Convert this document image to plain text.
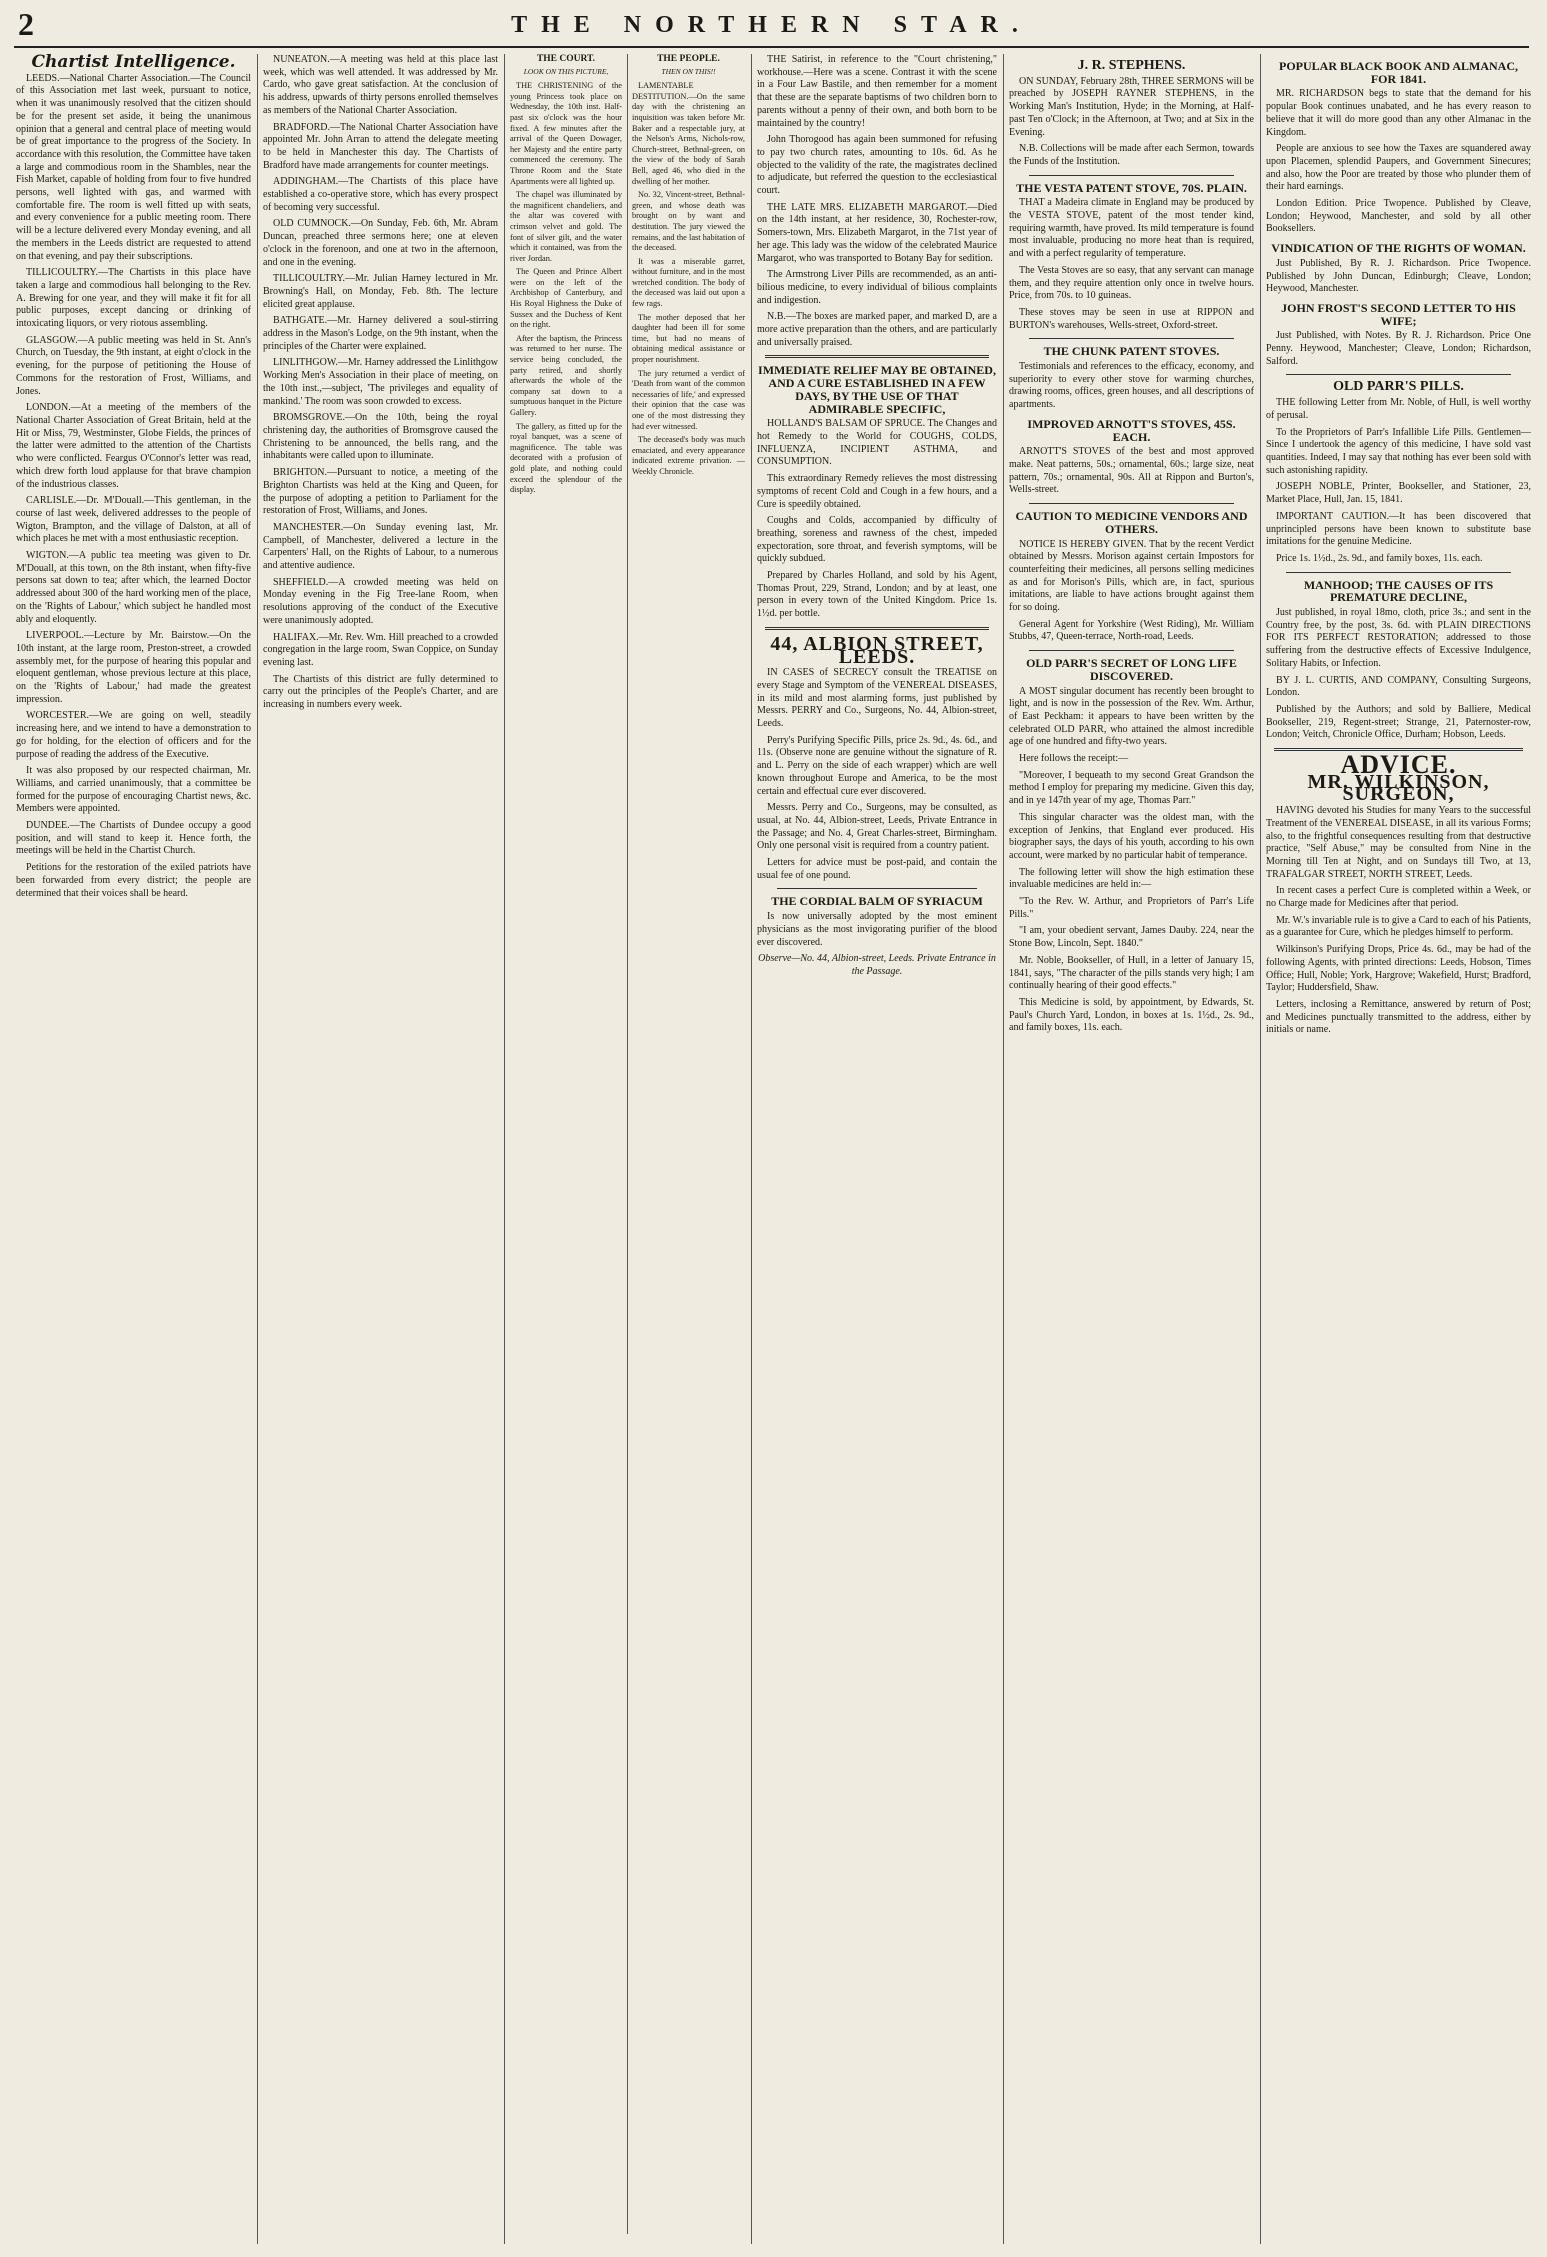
2	THE NORTHERN STAR.
Chartist Intelligence.

LEEDS.—National Charter Association.—The Council of this Association met last week, pursuant to notice, when it was unanimously resolved that the citizen should be for the present set aside, it being the unanimous opinion that a general and central place of meeting would be of great importance to the progress of the Society. In accordance with this resolution, the Committee have taken a large and commodious room in the Shambles, near the Fish Market, capable of holding from four to five hundred persons, well lighted with gas, and warmed with comfortable fire. The room is well fitted up with seats, and every convenience for a public meeting room. There will be a lecture delivered every Monday evening, and all the members in the Leeds district are requested to attend on that evening, and pay their subscriptions.

TILLICOULTRY.—The Chartists in this place have taken a large and commodious hall belonging to the Rev. A. Brewing for one year, and they will make it fit for all public purposes, except dancing or drinking of intoxicating liquors, or very riotous assembling.

GLASGOW.—A public meeting was held in St. Ann's Church, on Tuesday, the 9th instant, at eight o'clock in the evening, for the purpose of petitioning the House of Commons for the restoration of Frost, Williams, and Jones.

LONDON.—At a meeting of the members of the National Charter Association of Great Britain, held at the Hit or Miss, 79, Westminster, Globe Fields, the princes of the latter were admitted to the attention of the Chartists who were conflicted. Feargus O'Connor's letter was read, which drew forth loud applause for that brave champion of the industrious classes.

CARLISLE.—Dr. M'Douall.—This gentleman, in the course of last week, delivered addresses to the people of Wigton, Brampton, and the village of Dalston, at all of which places he met with a most enthusiastic reception.

WIGTON.—A public tea meeting was given to Dr. M'Douall, at this town, on the 8th instant, when fifty-five persons sat down to tea; after which, the learned Doctor addressed about 300 of the hard working men of the place, on the 'Rights of Labour,' which subject he handled most ably and eloquently.

LIVERPOOL.—Lecture by Mr. Bairstow.—On the 10th instant, at the large room, Preston-street, a crowded assembly met, for the purpose of hearing this popular and eloquent gentleman, whose previous lecture at this place, on the 'Rights of Labour,' had made the greatest impression.

WORCESTER.—We are going on well, steadily increasing here, and we intend to have a demonstration to go for holding, for the election of officers and for the purpose of reading the address of the Executive.

It was also proposed by our respected chairman, Mr. Williams, and carried unanimously, that a committee be formed for the purpose of encouraging Chartist news, &c. Members were appointed.

DUNDEE.—The Chartists of Dundee occupy a good position, and will stand to keep it. Hence forth, the meetings will be held in the Chartist Church.

Petitions for the restoration of the exiled patriots have been forwarded from every district; the people are determined that their voices shall be heard.

NUNEATON.—A meeting was held at this place last week, which was well attended. It was addressed by Mr. Cardo, who gave great satisfaction. At the conclusion of his address, upwards of thirty persons enrolled themselves as members of the National Charter Association.

BRADFORD.—The National Charter Association have appointed Mr. John Arran to attend the delegate meeting to be held in Manchester this day. The Chartists of Bradford have made arrangements for counter meetings.

ADDINGHAM.—The Chartists of this place have established a co-operative store, which has every prospect of becoming very successful.

OLD CUMNOCK.—On Sunday, Feb. 6th, Mr. Abram Duncan, preached three sermons here; one at eleven o'clock in the forenoon, and one at two in the afternoon, and one in the evening.

TILLICOULTRY.—Mr. Julian Harney lectured in Mr. Browning's Hall, on Monday, Feb. 8th. The lecture elicited great applause.

BATHGATE.—Mr. Harney delivered a soul-stirring address in the Mason's Lodge, on the 9th instant, when the principles of the Charter were explained.

LINLITHGOW.—Mr. Harney addressed the Linlithgow Working Men's Association in their place of meeting, on the 10th inst.,—subject, 'The privileges and equality of mankind.' The room was soon crowded to excess.

BROMSGROVE.—On the 10th, being the royal christening day, the authorities of Bromsgrove caused the Christening to be announced, the bells rang, and the inhabitants were called upon to illuminate.

BRIGHTON.—Pursuant to notice, a meeting of the Brighton Chartists was held at the King and Queen, for the purpose of adopting a petition to Parliament for the restoration of Frost, Williams, and Jones.

MANCHESTER.—On Sunday evening last, Mr. Campbell, of Manchester, delivered a lecture in the Carpenters' Hall, on the Rights of Labour, to a numerous and attentive audience.

SHEFFIELD.—A crowded meeting was held on Monday evening in the Fig Tree-lane Room, when resolutions approving of the conduct of the Executive were unanimously adopted.

HALIFAX.—Mr. Rev. Wm. Hill preached to a crowded congregation in the large room, Swan Coppice, on Sunday evening last.

The Chartists of this district are fully determined to carry out the principles of the People's Charter, and are increasing in numbers every week.

THE COURT.
LOOK ON THIS PICTURE,

THE CHRISTENING of the young Princess took place on Wednesday, the 10th inst. Half-past six o'clock was the hour fixed. A few minutes after the arrival of the Queen Dowager, her Majesty and the entire party commenced the ceremony. The Throne Room and the State Apartments were all lighted up.

The chapel was illuminated by the magnificent chandeliers, and the altar was covered with crimson velvet and gold. The font of silver gilt, and the water which it contained, was from the river Jordan.

The Queen and Prince Albert were on the left of the Archbishop of Canterbury, and His Royal Highness the Duke of Sussex and the Duchess of Kent on the right.

After the baptism, the Princess was returned to her nurse. The service being concluded, the party retired, and shortly afterwards the whole of the company sat down to a sumptuous banquet in the Picture Gallery.

The gallery, as fitted up for the royal banquet, was a scene of magnificence. The table was decorated with a profusion of gold plate, and nothing could exceed the splendour of the display.

THE PEOPLE.
THEN ON THIS!!

LAMENTABLE DESTITUTION.—On the same day with the christening an inquisition was taken before Mr. Baker and a respectable jury, at the Nelson's Arms, Nichols-row, Church-street, Bethnal-green, on the view of the body of Sarah Bell, aged 46, who died in the dwelling of her mother.

No. 32, Vincent-street, Bethnal-green, and whose death was brought on by want and destitution. The jury viewed the remains, and the last habitation of the deceased.

It was a miserable garret, without furniture, and in the most wretched condition. The body of the deceased was laid out upon a few rags.

The mother deposed that her daughter had been ill for some time, but had no means of obtaining medical assistance or proper nourishment.

The jury returned a verdict of 'Death from want of the common necessaries of life,' and expressed their opinion that the case was one of the most distressing they had ever witnessed.

The deceased's body was much emaciated, and every appearance indicated extreme privation. — Weekly Chronicle.

THE Satirist, in reference to the "Court christening," workhouse.—Here was a scene. Contrast it with the scene in a Four Law Bastile, and then remember for a moment that these are the separate baptisms of two children born to parents without a penny of their own, and both born to be maintained by the country!

John Thorogood has again been summoned for refusing to pay two church rates, amounting to 10s. 6d. As he objected to the validity of the rate, the magistrates declined to adjudicate, but referred the question to the ecclesiastical court.

THE LATE MRS. ELIZABETH MARGAROT.—Died on the 14th instant, at her residence, 30, Rochester-row, Somers-town, Mrs. Elizabeth Margarot, in the 71st year of her age. This lady was the widow of the celebrated Maurice Margarot, who was transported to Botany Bay for sedition.

The Armstrong Liver Pills are recommended, as an anti-bilious medicine, to every individual of bilious complaints and indigestion.

N.B.—The boxes are marked paper, and marked D, are a more active preparation than the others, and are particularly and universally praised.

IMMEDIATE RELIEF MAY BE OBTAINED, AND A CURE ESTABLISHED IN A FEW DAYS, BY THE USE OF THAT ADMIRABLE SPECIFIC,

HOLLAND'S BALSAM OF SPRUCE. The Changes and hot Remedy to the World for COUGHS, COLDS, INFLUENZA, INCIPIENT ASTHMA, and CONSUMPTION.

This extraordinary Remedy relieves the most distressing symptoms of recent Cold and Cough in a few hours, and a Cure is speedily obtained.

Coughs and Colds, accompanied by difficulty of breathing, soreness and rawness of the chest, impeded expectoration, sore throat, and feverish symptoms, will be quickly subdued.

Prepared by Charles Holland, and sold by his Agent, Thomas Prout, 229, Strand, London; and by at least, one person in every town of the United Kingdom. Price 1s. 1½d. per bottle.

44, ALBION STREET, LEEDS.

IN CASES of SECRECY consult the TREATISE on every Stage and Symptom of the VENEREAL DISEASES, in its mild and most alarming forms, just published by Messrs. PERRY and Co., Surgeons, No. 44, Albion-street, Leeds.

Perry's Purifying Specific Pills, price 2s. 9d., 4s. 6d., and 11s. (Observe none are genuine without the signature of R. and L. Perry on the side of each wrapper) which are well known throughout Europe and America, to be the most certain and effectual cure ever discovered.

Messrs. Perry and Co., Surgeons, may be consulted, as usual, at No. 44, Albion-street, Leeds, Private Entrance in the Passage; and No. 4, Great Charles-street, Birmingham. Only one personal visit is required from a country patient.

Letters for advice must be post-paid, and contain the usual fee of one pound.

THE CORDIAL BALM OF SYRIACUM

Is now universally adopted by the most eminent physicians as the most invigorating purifier of the blood ever discovered.

Observe—No. 44, Albion-street, Leeds. Private Entrance in the Passage.

J. R. STEPHENS.

ON SUNDAY, February 28th, THREE SERMONS will be preached by JOSEPH RAYNER STEPHENS, in the Working Man's Institution, Hyde; in the Morning, at Half-past Ten o'Clock; in the Afternoon, at Two; and at Six in the Evening.

N.B. Collections will be made after each Sermon, towards the Funds of the Institution.

THE VESTA PATENT STOVE, 70S. PLAIN.

THAT a Madeira climate in England may be produced by the VESTA STOVE, patent of the most tender kind, requiring warmth, have proved. Its mild temperature is found most invaluable, producing no more heat than is required, and with a perfect regularity of temperature.

The Vesta Stoves are so easy, that any servant can manage them, and they require attention only once in twelve hours. Price, from 70s. to 10 guineas.

These stoves may be seen in use at RIPPON and BURTON's warehouses, Wells-street, Oxford-street.

THE CHUNK PATENT STOVES.

Testimonials and references to the efficacy, economy, and superiority to every other stove for warming churches, drawing rooms, offices, green houses, and all descriptions of apartments.

IMPROVED ARNOTT'S STOVES, 45S. EACH.

ARNOTT'S STOVES of the best and most approved make. Neat patterns, 50s.; ornamental, 60s.; large size, neat pattern, 70s.; ornamental, 90s. All at Rippon and Burton's, Wells-street.

CAUTION TO MEDICINE VENDORS AND OTHERS.

NOTICE IS HEREBY GIVEN. That by the recent Verdict obtained by Messrs. Morison against certain Impostors for counterfeiting their medicines, all persons selling medicines as and for Morison's Pills, which are, in fact, spurious imitations, are liable to have actions brought against them for so doing.

General Agent for Yorkshire (West Riding), Mr. William Stubbs, 47, Queen-terrace, North-road, Leeds.

OLD PARR'S SECRET OF LONG LIFE DISCOVERED.

A MOST singular document has recently been brought to light, and is now in the possession of the Rev. Wm. Arthur, of East Peckham: it appears to have been written by the celebrated OLD PARR, who attained the almost incredible age of one hundred and fifty-two years.

Here follows the receipt:—

"Moreover, I bequeath to my second Great Grandson the method I employ for preparing my medicine. Given this day, and in ye 147th year of my age, Thomas Parr."

This singular character was the oldest man, with the exception of Jenkins, that England ever produced. His biographer says, the days of his youth, according to his own account, were marked by no particular habit of temperance.

The following letter will show the high estimation these invaluable medicines are held in:—

"To the Rev. W. Arthur, and Proprietors of Parr's Life Pills."

"I am, your obedient servant, James Dauby. 224, near the Stone Bow, Lincoln, Sept. 1840."

Mr. Noble, Bookseller, of Hull, in a letter of January 15, 1841, says, "The character of the pills stands very high; I am continually hearing of their good effects."

This Medicine is sold, by appointment, by Edwards, St. Paul's Church Yard, London, in boxes at 1s. 1½d., 2s. 9d., and family boxes, 11s. each.

POPULAR BLACK BOOK AND ALMANAC, FOR 1841.

MR. RICHARDSON begs to state that the demand for his popular Book continues unabated, and he has every reason to believe that it will do more good than any other Almanac in the Kingdom.

People are anxious to see how the Taxes are squandered away upon Placemen, splendid Paupers, and Government Sinecures; and also, how the Poor are treated by those who plunder them of their hard earnings.

London Edition. Price Twopence. Published by Cleave, London; Heywood, Manchester, and sold by all other Booksellers.

VINDICATION OF THE RIGHTS OF WOMAN.

Just Published, By R. J. Richardson. Price Twopence. Published by John Duncan, Edinburgh; Cleave, London; Heywood, Manchester.

JOHN FROST'S SECOND LETTER TO HIS WIFE;

Just Published, with Notes. By R. J. Richardson. Price One Penny. Heywood, Manchester; Cleave, London; Richardson, Salford.

OLD PARR'S PILLS.

THE following Letter from Mr. Noble, of Hull, is well worthy of perusal.

To the Proprietors of Parr's Infallible Life Pills. Gentlemen—Since I undertook the agency of this medicine, I have sold vast quantities. Indeed, I may say that nothing has ever been sold with such astonishing rapidity.

JOSEPH NOBLE, Printer, Bookseller, and Stationer, 23, Market Place, Hull, Jan. 15, 1841.

IMPORTANT CAUTION.—It has been discovered that unprincipled persons have been known to substitute base imitations for the genuine Medicine.

Price 1s. 1½d., 2s. 9d., and family boxes, 11s. each.

MANHOOD; THE CAUSES OF ITS PREMATURE DECLINE,

Just published, in royal 18mo, cloth, price 3s.; and sent in the Country free, by the post, 3s. 6d. with PLAIN DIRECTIONS FOR ITS PERFECT RESTORATION; addressed to those suffering from the destructive effects of Excessive Indulgence, Solitary Habits, or Infection.

BY J. L. CURTIS, AND COMPANY, Consulting Surgeons, London.

Published by the Authors; and sold by Balliere, Medical Bookseller, 219, Regent-street; Strange, 21, Paternoster-row, London; Veitch, Chronicle Office, Durham; Hobson, Leeds.

ADVICE.
MR. WILKINSON, SURGEON,

HAVING devoted his Studies for many Years to the successful Treatment of the VENEREAL DISEASE, in all its various Forms; also, to the frightful consequences resulting from that destructive practice, "Self Abuse," may be consulted from Nine in the Morning till Ten at Night, and on Sundays till Two, at 13, TRAFALGAR STREET, NORTH STREET, Leeds.

In recent cases a perfect Cure is completed within a Week, or no Charge made for Medicines after that period.

Mr. W.'s invariable rule is to give a Card to each of his Patients, as a guarantee for Cure, which he pledges himself to perform.

Wilkinson's Purifying Drops, Price 4s. 6d., may be had of the following Agents, with printed directions: Leeds, Hobson, Times Office; Hull, Noble; York, Hargrove; Wakefield, Hurst; Bradford, Taylor; Huddersfield, Shaw.

Letters, inclosing a Remittance, answered by return of Post; and Medicines punctually transmitted to the address, either by initials or name.
